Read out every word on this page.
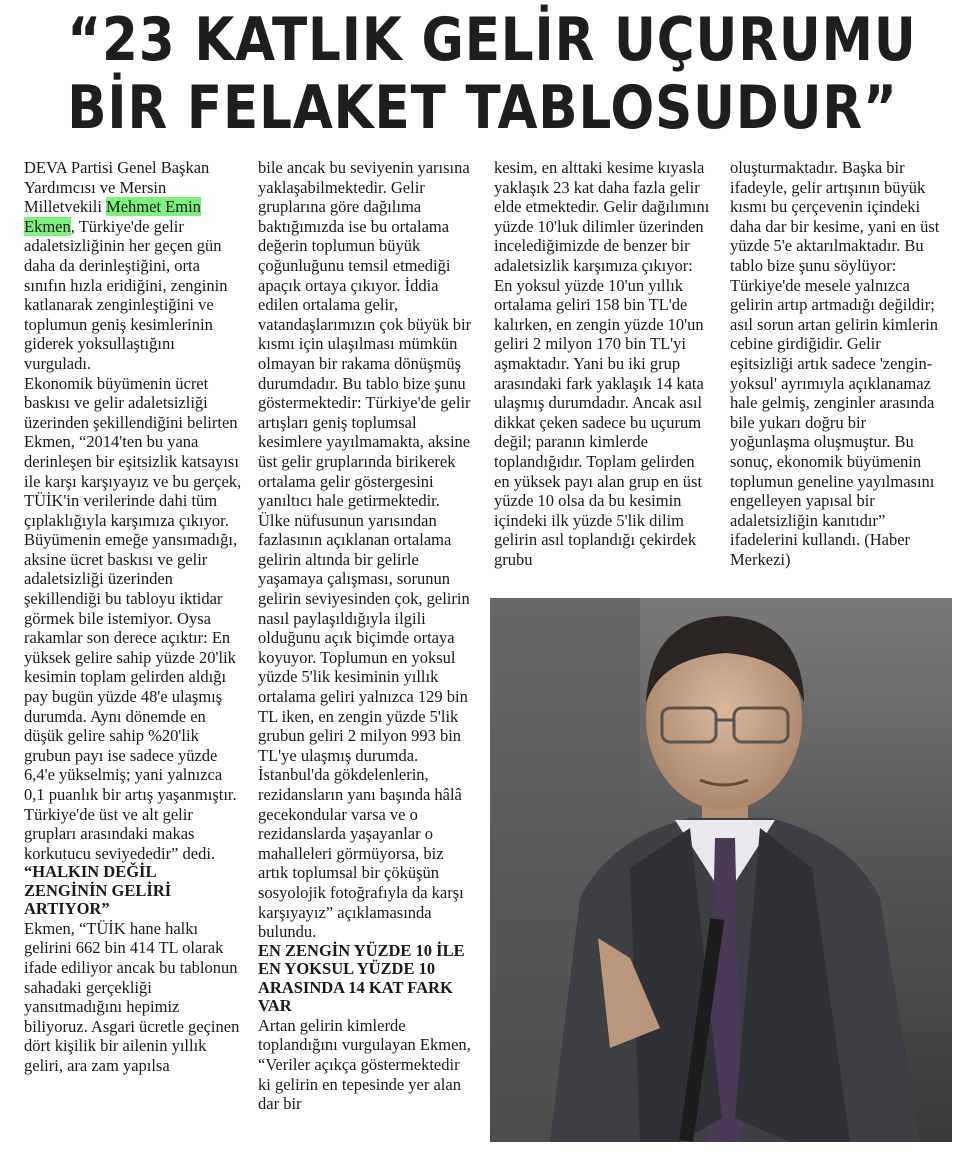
“23 KATLIK GELİR UÇURUMU
BİR FELAKET TABLOSUDUR”

DEVA Partisi Genel Başkan Yardımcısı ve Mersin Milletvekili Mehmet Emin Ekmen, Türkiye'de gelir adaletsizliğinin her geçen gün daha da derinleştiğini, orta sınıfın hızla eridiğini, zenginin katlanarak zenginleştiğini ve toplumun geniş kesimlerinin giderek yoksullaştığını vurguladı.

Ekonomik büyümenin ücret baskısı ve gelir adaletsizliği üzerinden şekillendiğini belirten Ekmen, “2014'ten bu yana derinleşen bir eşitsizlik katsayısı ile karşı karşıyayız ve bu gerçek, TÜİK'in verilerinde dahi tüm çıplaklığıyla karşımıza çıkıyor. Büyümenin emeğe yansımadığı, aksine ücret baskısı ve gelir adaletsizliği üzerinden şekillendiği bu tabloyu iktidar görmek bile istemiyor. Oysa rakamlar son derece açıktır: En yüksek gelire sahip yüzde 20'lik kesimin toplam gelirden aldığı pay bugün yüzde 48'e ulaşmış durumda. Aynı dönemde en düşük gelire sahip %20'lik grubun payı ise sadece yüzde 6,4'e yükselmiş; yani yalnızca 0,1 puanlık bir artış yaşanmıştır. Türkiye'de üst ve alt gelir grupları arasındaki makas korkutucu seviyededir” dedi.

“HALKIN DEĞİL ZENGİNİN GELİRİ ARTIYOR”

Ekmen, “TÜİK hane halkı gelirini 662 bin 414 TL olarak ifade ediliyor ancak bu tablonun sahadaki gerçekliği yansıtmadığını hepimiz biliyoruz. Asgari ücretle geçinen dört kişilik bir ailenin yıllık geliri, ara zam yapılsa

bile ancak bu seviyenin yarısına yaklaşabilmektedir. Gelir gruplarına göre dağılıma baktığımızda ise bu ortalama değerin toplumun büyük çoğunluğunu temsil etmediği apaçık ortaya çıkıyor. İddia edilen ortalama gelir, vatandaşlarımızın çok büyük bir kısmı için ulaşılması mümkün olmayan bir rakama dönüşmüş durumdadır. Bu tablo bize şunu göstermektedir: Türkiye'de gelir artışları geniş toplumsal kesimlere yayılmamakta, aksine üst gelir gruplarında birikerek ortalama gelir göstergesini yanıltıcı hale getirmektedir. Ülke nüfusunun yarısından fazlasının açıklanan ortalama gelirin altında bir gelirle yaşamaya çalışması, sorunun gelirin seviyesinden çok, gelirin nasıl paylaşıldığıyla ilgili olduğunu açık biçimde ortaya koyuyor. Toplumun en yoksul yüzde 5'lik kesiminin yıllık ortalama geliri yalnızca 129 bin TL iken, en zengin yüzde 5'lik grubun geliri 2 milyon 993 bin TL'ye ulaşmış durumda. İstanbul'da gökdelenlerin, rezidansların yanı başında hâlâ gecekondular varsa ve o rezidanslarda yaşayanlar o mahalleleri görmüyorsa, biz artık toplumsal bir çöküşün sosyolojik fotoğrafıyla da karşı karşıyayız” açıklamasında bulundu.

EN ZENGİN YÜZDE 10 İLE EN YOKSUL YÜZDE 10 ARASINDA 14 KAT FARK VAR

Artan gelirin kimlerde toplandığını vurgulayan Ekmen, “Veriler açıkça göstermektedir ki gelirin en tepesinde yer alan dar bir

kesim, en alttaki kesime kıyasla yaklaşık 23 kat daha fazla gelir elde etmektedir. Gelir dağılımını yüzde 10'luk dilimler üzerinden incelediğimizde de benzer bir adaletsizlik karşımıza çıkıyor: En yoksul yüzde 10'un yıllık ortalama geliri 158 bin TL'de kalırken, en zengin yüzde 10'un geliri 2 milyon 170 bin TL'yi aşmaktadır. Yani bu iki grup arasındaki fark yaklaşık 14 kata ulaşmış durumdadır. Ancak asıl dikkat çeken sadece bu uçurum değil; paranın kimlerde toplandığıdır. Toplam gelirden en yüksek payı alan grup en üst yüzde 10 olsa da bu kesimin içindeki ilk yüzde 5'lik dilim gelirin asıl toplandığı çekirdek grubu

oluşturmaktadır. Başka bir ifadeyle, gelir artışının büyük kısmı bu çerçevenin içindeki daha dar bir kesime, yani en üst yüzde 5'e aktarılmaktadır. Bu tablo bize şunu söylüyor: Türkiye'de mesele yalnızca gelirin artıp artmadığı değildir; asıl sorun artan gelirin kimlerin cebine girdiğidir. Gelir eşitsizliği artık sadece 'zengin-yoksul' ayrımıyla açıklanamaz hale gelmiş, zenginler arasında bile yukarı doğru bir yoğunlaşma oluşmuştur. Bu sonuç, ekonomik büyümenin toplumun geneline yayılmasını engelleyen yapısal bir adaletsizliğin kanıtıdır” ifadelerini kullandı. (Haber Merkezi)
